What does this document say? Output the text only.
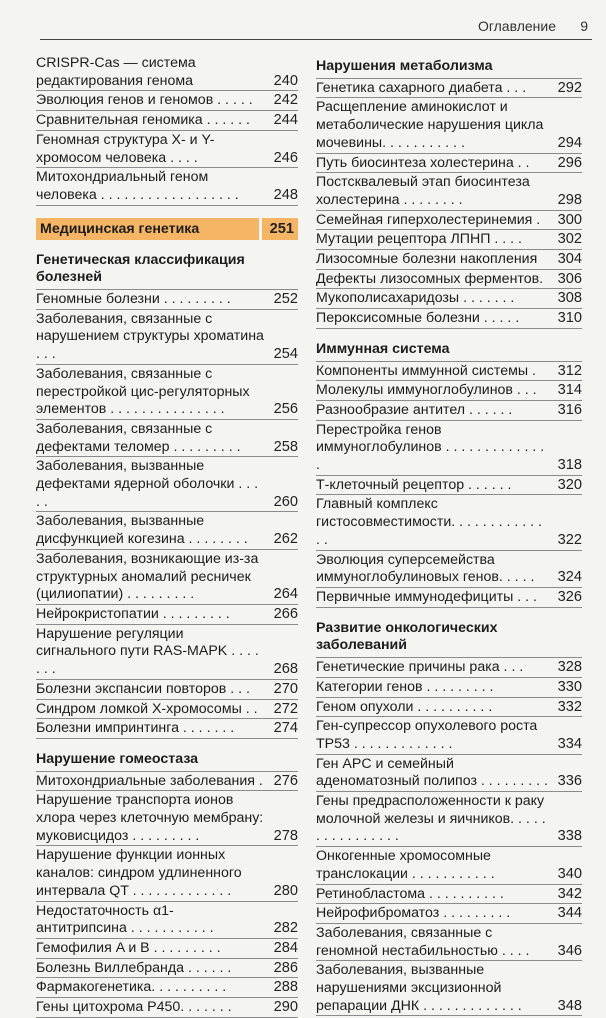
Оглавление 9
CRISPR-Cas — система редактирования генома	240
Эволюция генов и геномов . . . . .	242
Сравнительная геномика . . . . . .	244
Геномная структура X- и Y-хромосом человека . . . .	246
Митохондриальный геном человека . . . . . . . . . . . . . . . . . .	248
Медицинская генетика	251
Генетическая классификация болезней
Геномные болезни . . . . . . . . .	252
Заболевания, связанные с нарушением структуры хроматина . . .	254
Заболевания, связанные с перестройкой цис-регуляторных элементов . . . . . . . . . . . . . . .	256
Заболевания, связанные с дефектами теломер . . . . . . . . .	258
Заболевания, вызванные дефектами ядерной оболочки . . . . .	260
Заболевания, вызванные дисфункцией когезина . . . . . . . .	262
Заболевания, возникающие из-за структурных аномалий ресничек (цилиопатии) . . . . . . . . .	264
Нейрокристопатии . . . . . . . . .	266
Нарушение регуляции сигнального пути RAS-MAPK . . . . . . .	268
Болезни экспансии повторов . . .	270
Синдром ломкой X-хромосомы . .	272
Болезни импринтинга . . . . . . .	274
Нарушение гомеостаза
Митохондриальные заболевания . 276
Нарушение транспорта ионов хлора через клеточную мембрану: муковисцидоз . . . . . . . . .	278
Нарушение функции ионных каналов: синдром удлиненного интервала QT . . . . . . . . . . . . .	280
Недостаточность α1-антитрипсина . . . . . . . . . . .	282
Гемофилия A и B . . . . . . . . .	284
Болезнь Виллебранда . . . . . .	286
Фармакогенетика. . . . . . . . . .	288
Гены цитохрома P450. . . . . . .	290
Нарушения метаболизма
Генетика сахарного диабета . . .	292
Расщепление аминокислот и метаболические нарушения цикла мочевины. . . . . . . . . . .	294
Путь биосинтеза холестерина . .	296
Постсквалевый этап биосинтеза холестерина . . . . . . . .	298
Семейная гиперхолестеринемия .	300
Мутации рецептора ЛПНП . . . .	302
Лизосомные болезни накопления	304
Дефекты лизосомных ферментов. 306
Мукополисахаридозы . . . . . . .	308
Пероксисомные болезни . . . . .	310
Иммунная система
Компоненты иммунной системы .	312
Молекулы иммуноглобулинов . . .	314
Разнообразие антител . . . . . .	316
Перестройка генов иммуноглобулинов . . . . . . . . . . . . . .	318
Т-клеточный рецептор . . . . . .	320
Главный комплекс гистосовместимости. . . . . . . . . . . . . .	322
Эволюция суперсемейства иммуноглобулиновых генов. . . . .	324
Первичные иммунодефициты . . .	326
Развитие онкологических заболеваний
Генетические причины рака . . .	328
Категории генов . . . . . . . . .	330
Геном опухоли . . . . . . . . . .	332
Ген-супрессор опухолевого роста TP53 . . . . . . . . . . . . .	334
Ген APC и семейный аденоматозный полипоз . . . . . . . . . 336
Гены предрасположенности к раку молочной железы и яичников. . . . . . . . . . . . . . . .	338
Онкогенные хромосомные транслокации . . . . . . . . . . .	340
Ретинобластома . . . . . . . . . .	342
Нейрофиброматоз . . . . . . . . .	344
Заболевания, связанные с геномной нестабильностью . . . .	346
Заболевания, вызванные нарушениями эксцизионной репарации ДНК . . . . . . . . . . . . .	348
